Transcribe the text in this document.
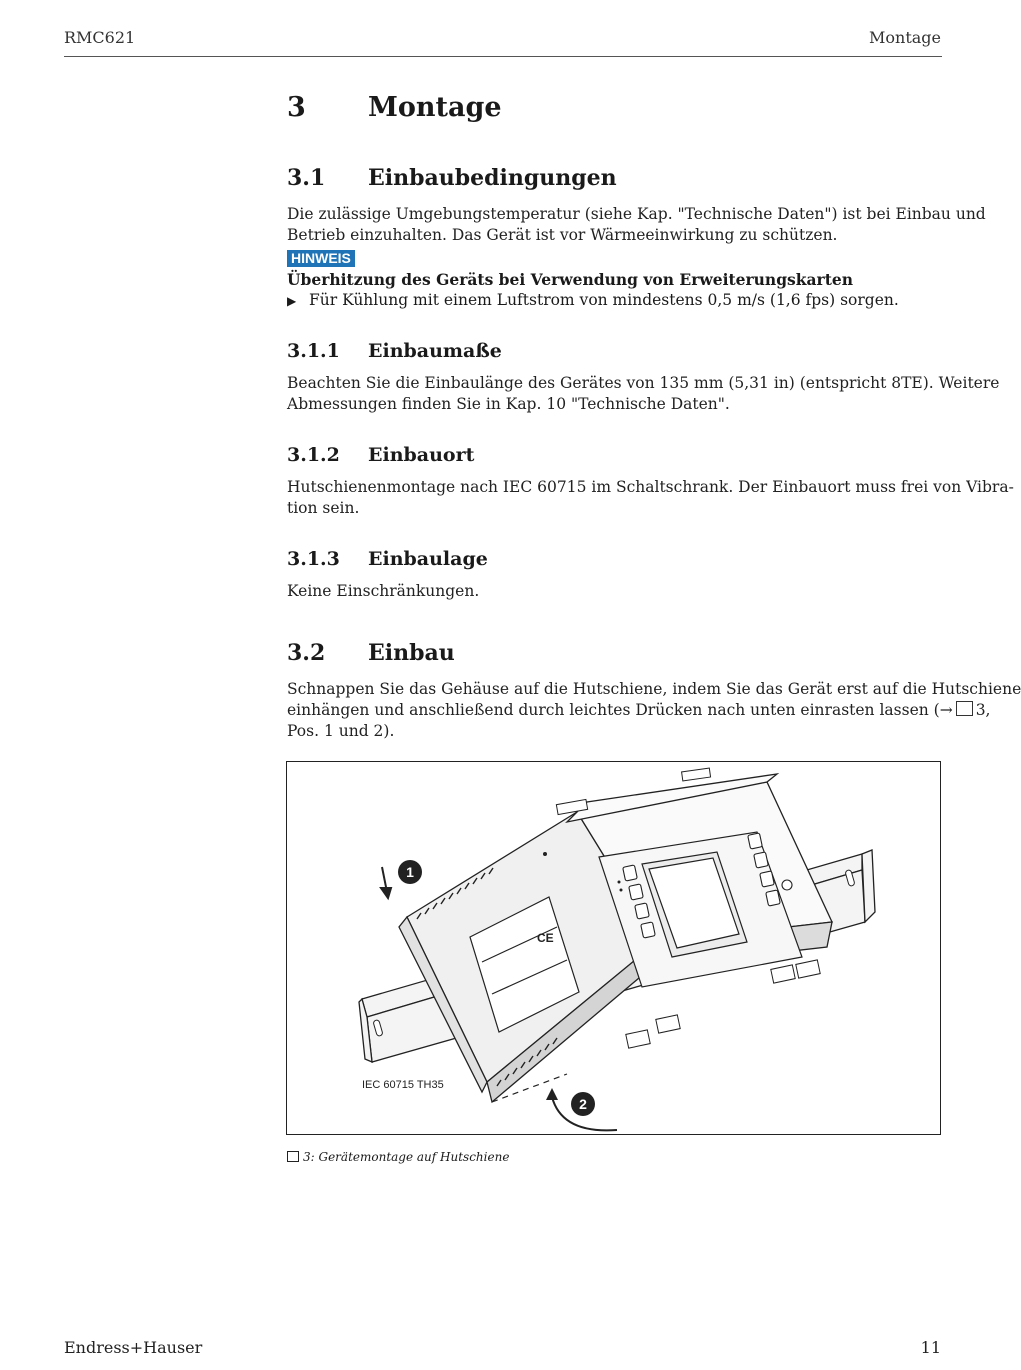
RMC621	Montage
3 Montage
3.1 Einbaubedingungen
Die zulässige Umgebungstemperatur (siehe Kap. "Technische Daten") ist bei Einbau und
Betrieb einzuhalten. Das Gerät ist vor Wärmeeinwirkung zu schützen.
HINWEIS
Überhitzung des Geräts bei Verwendung von Erweiterungskarten
▶ Für Kühlung mit einem Luftstrom von mindestens 0,5 m/s (1,6 fps) sorgen.
3.1.1 Einbaumaße
Beachten Sie die Einbaulänge des Gerätes von 135 mm (5,31 in) (entspricht 8TE). Weitere
Abmessungen finden Sie in Kap. 10 "Technische Daten".
3.1.2 Einbauort
Hutschienenmontage nach IEC 60715 im Schaltschrank. Der Einbauort muss frei von Vibra-
tion sein.
3.1.3 Einbaulage
Keine Einschränkungen.
3.2 Einbau
Schnappen Sie das Gehäuse auf die Hutschiene, indem Sie das Gerät erst auf die Hutschiene
einhängen und anschließend durch leichtes Drücken nach unten einrasten lassen (→ 3,
Pos. 1 und 2).
CE
1
2
IEC 60715 TH35
3: Gerätemontage auf Hutschiene
Endress+Hauser	11
